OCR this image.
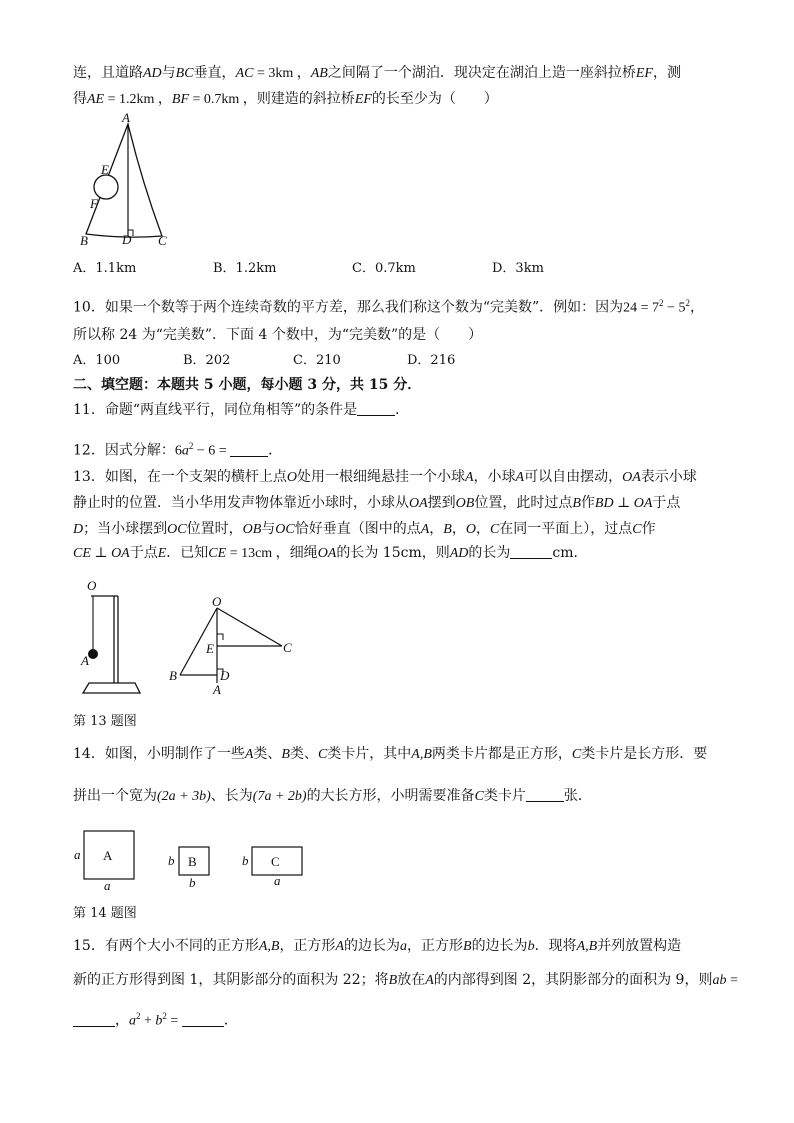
连，且道路AD与BC垂直，AC = 3km ，AB之间隔了一个湖泊．现决定在湖泊上造一座斜拉桥EF，测
得AE = 1.2km ，BF = 0.7km ，则建造的斜拉桥EF的长至少为（　　）
A
E
F
B	D C
A．1.1km	B．1.2km	C．0.7km	D．3km
10．如果一个数等于两个连续奇数的平方差，那么我们称这个数为“完美数”．例如：因为$24 = 7^2 - 5^2$，
所以称 24 为“完美数”．下面 4 个数中，为“完美数”的是（　　）
A．100	B．202	C．210	D．216
二、填空题：本题共 5 小题，每小题 3 分，共 15 分．
11．命题“两直线平行，同位角相等”的条件是	．
12．因式分解：$6a^2 - 6$ =	．
13．如图，在一个支架的横杆上点O处用一根细绳悬挂一个小球A，小球A可以自由摆动，OA表示小球
静止时的位置．当小华用发声物体靠近小球时，小球从OA摆到OB位置，此时过点B作BD ⊥ OA于点
D；当小球摆到OC位置时，OB与OC恰好垂直（图中的点A，B，O，C在同一平面上），过点C作
CE ⊥ OA于点E．已知CE = 13cm ，细绳OA的长为 15cm，则AD的长为	cm．
O
A
O
E	C
B	D
A
第 13 题图
14．如图，小明制作了一些A类、B类、C类卡片，其中A,B两类卡片都是正方形，C类卡片是长方形．要
拼出一个宽为(2a + 3b)、长为(7a + 2b)的大长方形，小明需要准备C类卡片	张．
A
a
a
B
b
b
C
b
a
第 14 题图
15．有两个大小不同的正方形A,B，正方形A的边长为a，正方形B的边长为b．现将A,B并列放置构造
新的正方形得到图 1，其阴影部分的面积为 22；将B放在A的内部得到图 2，其阴影部分的面积为 9，则ab =
，$a^2 + b^2$ =	．
